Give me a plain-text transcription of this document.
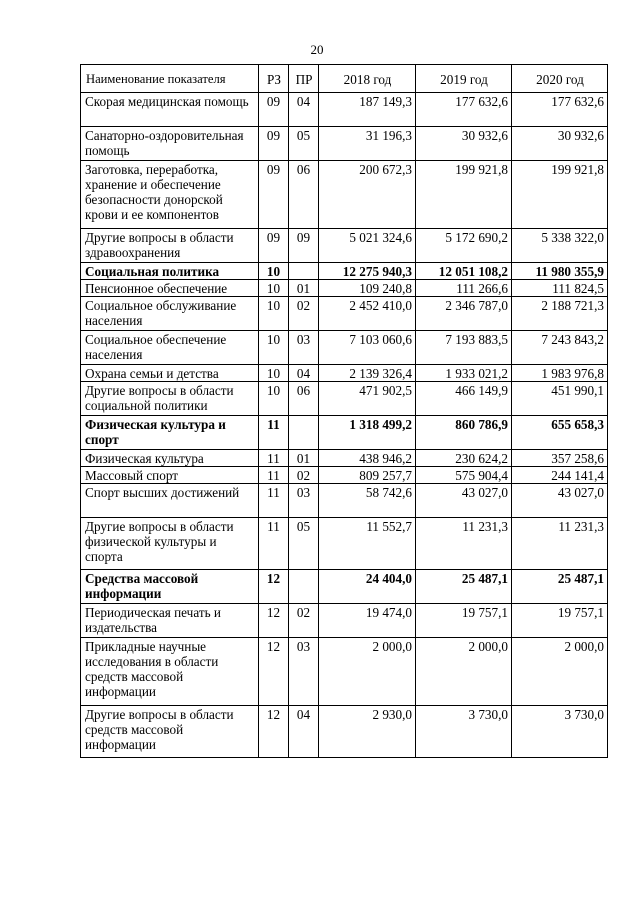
20
Наименование показателя	РЗ	ПР	2018 год	2019 год	2020 год
Скорая медицинская помощь	09	04	187 149,3	177 632,6	177 632,6
Санаторно-оздоровительная помощь	09	05	31 196,3	30 932,6	30 932,6
Заготовка, переработка, хранение и обеспечение безопасности донорской крови и ее компонентов	09	06	200 672,3	199 921,8	199 921,8
Другие вопросы в области здравоохранения	09	09	5 021 324,6	5 172 690,2	5 338 322,0
Социальная политика	10		12 275 940,3	12 051 108,2	11 980 355,9
Пенсионное обеспечение	10	01	109 240,8	111 266,6	111 824,5
Социальное обслуживание населения	10	02	2 452 410,0	2 346 787,0	2 188 721,3
Социальное обеспечение населения	10	03	7 103 060,6	7 193 883,5	7 243 843,2
Охрана семьи и детства	10	04	2 139 326,4	1 933 021,2	1 983 976,8
Другие вопросы в области социальной политики	10	06	471 902,5	466 149,9	451 990,1
Физическая культура и спорт	11		1 318 499,2	860 786,9	655 658,3
Физическая культура	11	01	438 946,2	230 624,2	357 258,6
Массовый спорт	11	02	809 257,7	575 904,4	244 141,4
Спорт высших достижений	11	03	58 742,6	43 027,0	43 027,0
Другие вопросы в области физической культуры и спорта	11	05	11 552,7	11 231,3	11 231,3
Средства массовой информации	12		24 404,0	25 487,1	25 487,1
Периодическая печать и издательства	12	02	19 474,0	19 757,1	19 757,1
Прикладные научные исследования в области средств массовой информации	12	03	2 000,0	2 000,0	2 000,0
Другие вопросы в области средств массовой информации	12	04	2 930,0	3 730,0	3 730,0
